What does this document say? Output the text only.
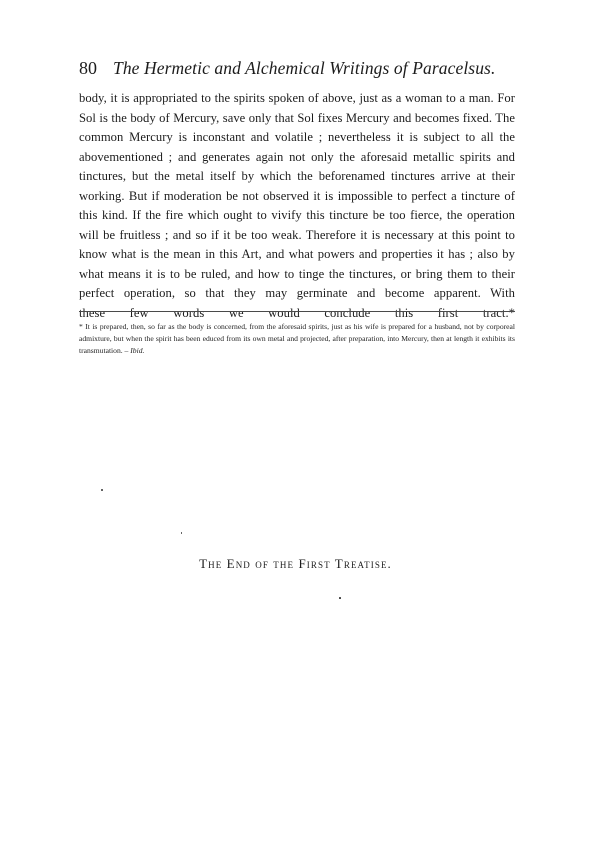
80 The Hermetic and Alchemical Writings of Paracelsus.

body, it is appropriated to the spirits spoken of above, just as a woman to a man. For Sol is the body of Mercury, save only that Sol fixes Mercury and becomes fixed. The common Mercury is inconstant and volatile ; nevertheless it is subject to all the abovementioned ; and generates again not only the aforesaid metallic spirits and tinctures, but the metal itself by which the beforenamed tinctures arrive at their working. But if moderation be not observed it is impossible to perfect a tincture of this kind. If the fire which ought to vivify this tincture be too fierce, the operation will be fruitless ; and so if it be too weak. Therefore it is necessary at this point to know what is the mean in this Art, and what powers and properties it has ; also by what means it is to be ruled, and how to tinge the tinctures, or bring them to their perfect operation, so that they may germinate and become apparent. With
these few words we would conclude this first tract.*

* It is prepared, then, so far as the body is concerned, from the aforesaid spirits, just as his wife is prepared for a husband, not by corporeal admixture, but when the spirit has been educed from its own metal and projected, after preparation, into Mercury, then at length it exhibits its transmutation. – Ibid.

The End of the First Treatise.
